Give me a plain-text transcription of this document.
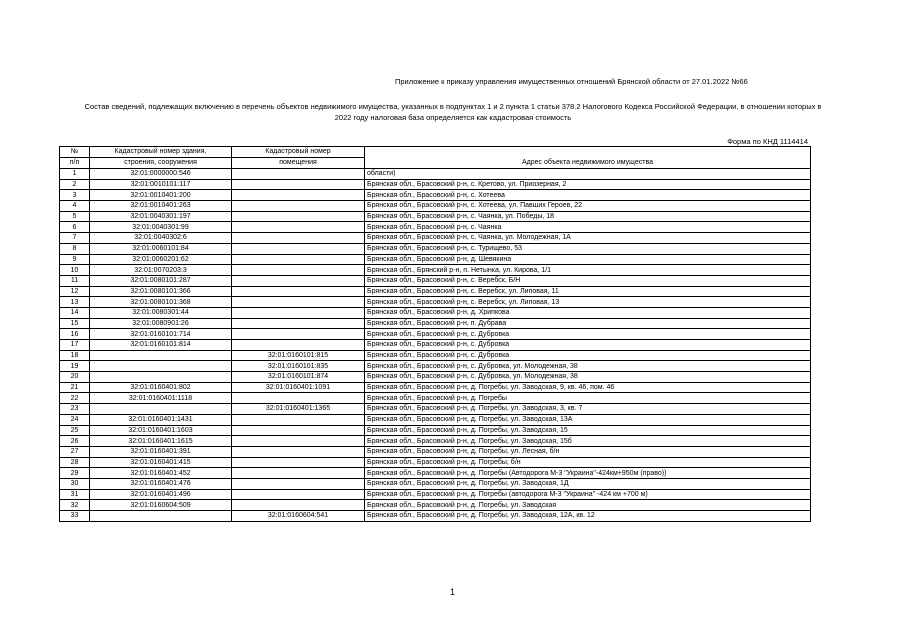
Приложение к приказу управления имущественных отношений Брянской области от 27.01.2022 №66
Состав сведений, подлежащих включению в перечень объектов недвижимого имущества, указанных в подпунктах 1 и 2 пункта 1 статьи 378.2 Налогового Кодекса Российской Федерации, в отношении которых в 2022 году налоговая база определяется как кадастровая стоимость
Форма по КНД 1114414
№	Кадастровый номер здания,	Кадастровый номер	Адрес объекта недвижимого имущества
п/п	строения, сооружения	помещения	
1	32:01:0000000:546		области)
2	32:01:0010101:117		Брянская обл., Брасовский р-н, с. Кретово, ул. Приозерная, 2
3	32:01:0010401:200		Брянская обл., Брасовский р-н, с. Хотеева
4	32:01:0010401:263		Брянская обл., Брасовский р-н, с. Хотеева, ул. Павших Героев, 22
5	32:01:0040301:197		Брянская обл., Брасовский р-н, с. Чаянка, ул. Победы, 18
6	32:01:0040301:99		Брянская обл., Брасовский р-н, с. Чаянка
7	32:01:0040302:6		Брянская обл., Брасовский р-н, с. Чаянка, ул. Молодежная, 1А
8	32:01:0060101:84		Брянская обл., Брасовский р-н, с. Турищево, 53
9	32:01:0060201:62		Брянская обл., Брасовский р-н, д. Шевякина
10	32:01:0070203:3		Брянская обл., Брянский р-н, п. Нетынка, ул. Кирова, 1/1
11	32:01:0080101:287		Брянская обл., Брасовский р-н, с. Веребск, Б/Н
12	32:01:0080101:366		Брянская обл., Брасовский р-н, с. Веребск, ул. Липовая, 11
13	32:01:0080101:368		Брянская обл., Брасовский р-н, с. Веребск, ул. Липовая, 13
14	32:01:0080301:44		Брянская обл., Брасовский р-н, д. Хрипкова
15	32:01:0080901:26		Брянская обл., Брасовский р-н, п. Дубрава
16	32:01:0160101:714		Брянская обл., Брасовский р-н, с. Дубровка
17	32:01:0160101:814		Брянская обл., Брасовский р-н, с. Дубровка
18		32:01:0160101:815	Брянская обл., Брасовский р-н, с. Дубровка
19		32:01:0160101:835	Брянская обл., Брасовский р-н, с. Дубровка, ул. Молодежная, 38
20		32:01:0160101:874	Брянская обл., Брасовский р-н, с. Дубровка, ул. Молодежная, 38
21	32:01:0160401:802	32:01:0160401:1091	Брянская обл., Брасовский р-н, д. Погребы, ул. Заводская, 9, кв. 46, пом. 46
22	32:01:0160401:1118		Брянская обл., Брасовский р-н, д. Погребы
23		32:01:0160401:1365	Брянская обл., Брасовский р-н, д. Погребы, ул. Заводская, 3, кв. 7
24	32:01:0160401:1431		Брянская обл., Брасовский р-н, д. Погребы, ул. Заводская, 13А
25	32:01:0160401:1603		Брянская обл., Брасовский р-н, д. Погребы, ул. Заводская, 15
26	32:01:0160401:1615		Брянская обл., Брасовский р-н, д. Погребы, ул. Заводская, 15б
27	32:01:0160401:391		Брянская обл., Брасовский р-н, д. Погребы, ул. Лесная, б/н
28	32:01:0160401:415		Брянская обл., Брасовский р-н, д. Погребы, б/н
29	32:01:0160401:452		Брянская обл., Брасовский р-н, д. Погребы (Автодорога М-3 "Украина"-424км+950м (право))
30	32:01:0160401:476		Брянская обл., Брасовский р-н, д. Погребы, ул. Заводская, 1Д
31	32:01:0160401:496		Брянская обл., Брасовский р-н, д. Погребы (автодорога М-3 "Украина" -424 км +700 м)
32	32:01:0160604:509		Брянская обл., Брасовский р-н, д. Погребы, ул. Заводская
33		32:01:0160604:541	Брянская обл., Брасовский р-н, д. Погребы, ул. Заводская, 12А, кв. 12
1
